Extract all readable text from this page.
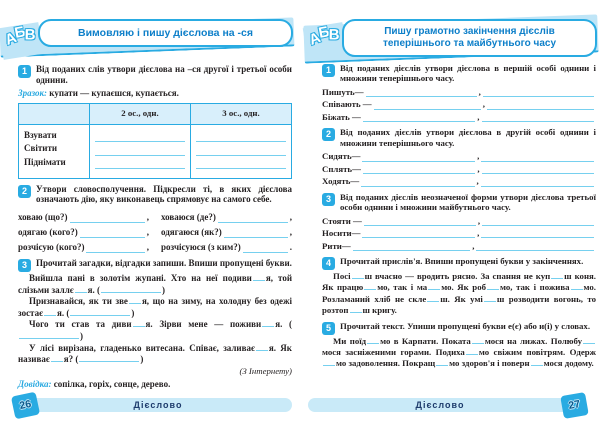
АБВ	Вимовляю і пишу дієслова на -ся
1	Від поданих слів утвори дієслова на –ся другої і третьої особи однини.

Зразок: купати — купаєшся, купається.

	2 ос., одн.	3 ос., одн.

Взувати
Світити
Піднімати		

2	Утвори словосполучення. Підкресли ті, в яких дієслова означають дію, яку виконавець спрямовує на самого себе.

ховаю (що?)	, ховаюся (де?)	,
одягаю (кого?)	, одягаюся (як?)	,
розчісую (кого?)	, розчісуюся (з ким?)	.
3	Прочитай загадки, відгадки запиши. Впиши пропущені букви.

Вийшла пані в золотім жупані. Хто на неї подиви я, той слізьми заллє я. (	)

Признавайся, як ти зве я, що на зиму, на холодну без одежі зостає я. (	)

Чого ти став та диви я. Зірви мене — поживи я. ()

У лісі вирізана, гладенько витесана. Співає, заливає я. Як називає я? (	)

(З Інтернету)

Довідка: сопілка, горіх, сонце, дерево.

Дієслово
26
АБВ	Пишу грамотно закінчення дієслів
теперішнього та майбутнього часу
1	Від поданих дієслів утвори дієслова в першій особі однини і множини теперішнього часу.

Пишуть—	,
Співають —	,
Біжать —	,
2	Від поданих дієслів утвори дієслова в другій особі однини і множини теперішнього часу.

Сидять—	,
Сплять—	,
Ходять—	,
3	Від поданих дієслів неозначеної форми утвори дієслова третьої особи однини і множини майбутнього часу.

Стояти —	,
Носити—	,
Рити—	,
4	Прочитай прислів'я. Впиши пропущені букви у закінченнях.

Посі ш вчасно — вродить рясно. За спання не куп ш коня. Як працю мо, так і ма мо. Як роб мо, так і пожива мо. Розламаний хліб не скле ш. Як умі ш розводити вогонь, то розтоп ш кригу.

5	Прочитай текст. Упиши пропущені букви е(є) або и(і) у словах.

Ми поїд мо в Карпати. Поката мося на лижах. Полюбумося засніженими горами. Подиха мо свіжим повітрям. Одержмо задоволення. Покращ мо здоров'я і поверн мося додому.

Дієслово	27
